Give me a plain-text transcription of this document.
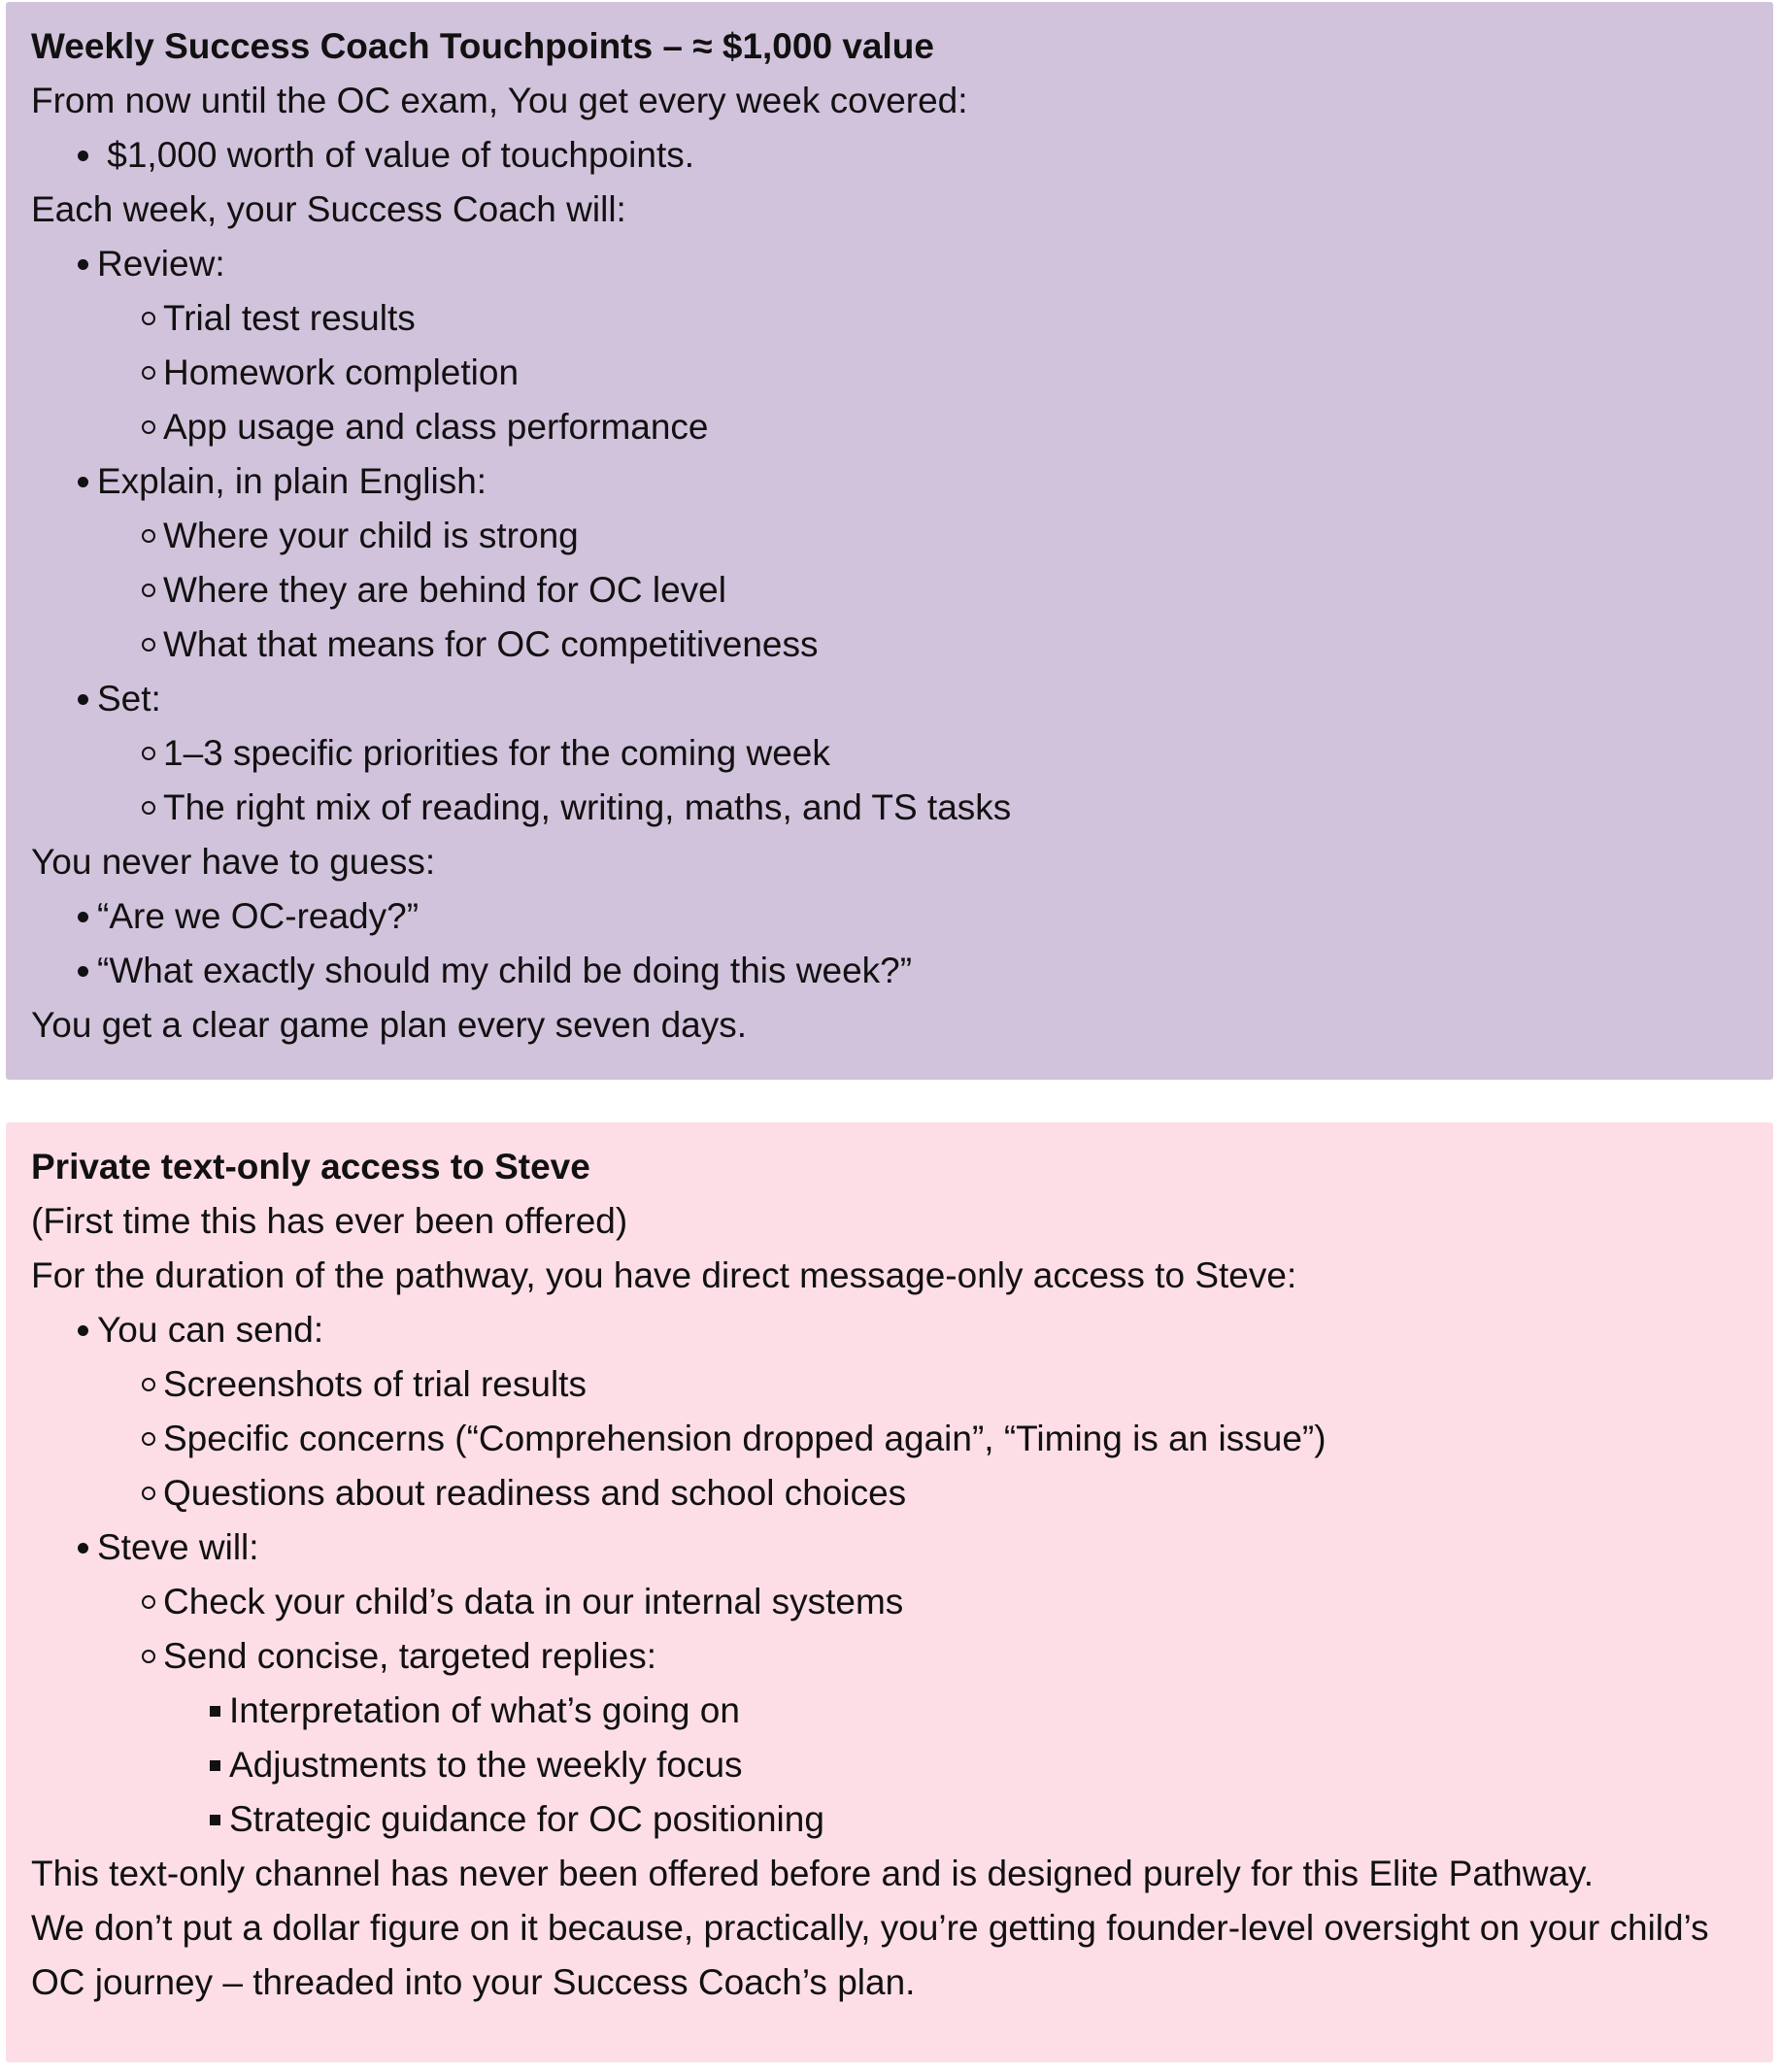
Weekly Success Coach Touchpoints – ≈ $1,000 value
From now until the OC exam, You get every week covered:
$1,000 worth of value of touchpoints.
Each week, your Success Coach will:
Review:
Trial test results
Homework completion
App usage and class performance
Explain, in plain English:
Where your child is strong
Where they are behind for OC level
What that means for OC competitiveness
Set:
1–3 specific priorities for the coming week
The right mix of reading, writing, maths, and TS tasks
You never have to guess:
“Are we OC-ready?”
“What exactly should my child be doing this week?”
You get a clear game plan every seven days.
Private text-only access to Steve
(First time this has ever been offered)
For the duration of the pathway, you have direct message-only access to Steve:
You can send:
Screenshots of trial results
Specific concerns (“Comprehension dropped again”, “Timing is an issue”)
Questions about readiness and school choices
Steve will:
Check your child’s data in our internal systems
Send concise, targeted replies:
Interpretation of what’s going on
Adjustments to the weekly focus
Strategic guidance for OC positioning
This text-only channel has never been offered before and is designed purely for this Elite Pathway.
We don’t put a dollar figure on it because, practically, you’re getting founder-level oversight on your child’s OC journey – threaded into your Success Coach’s plan.
